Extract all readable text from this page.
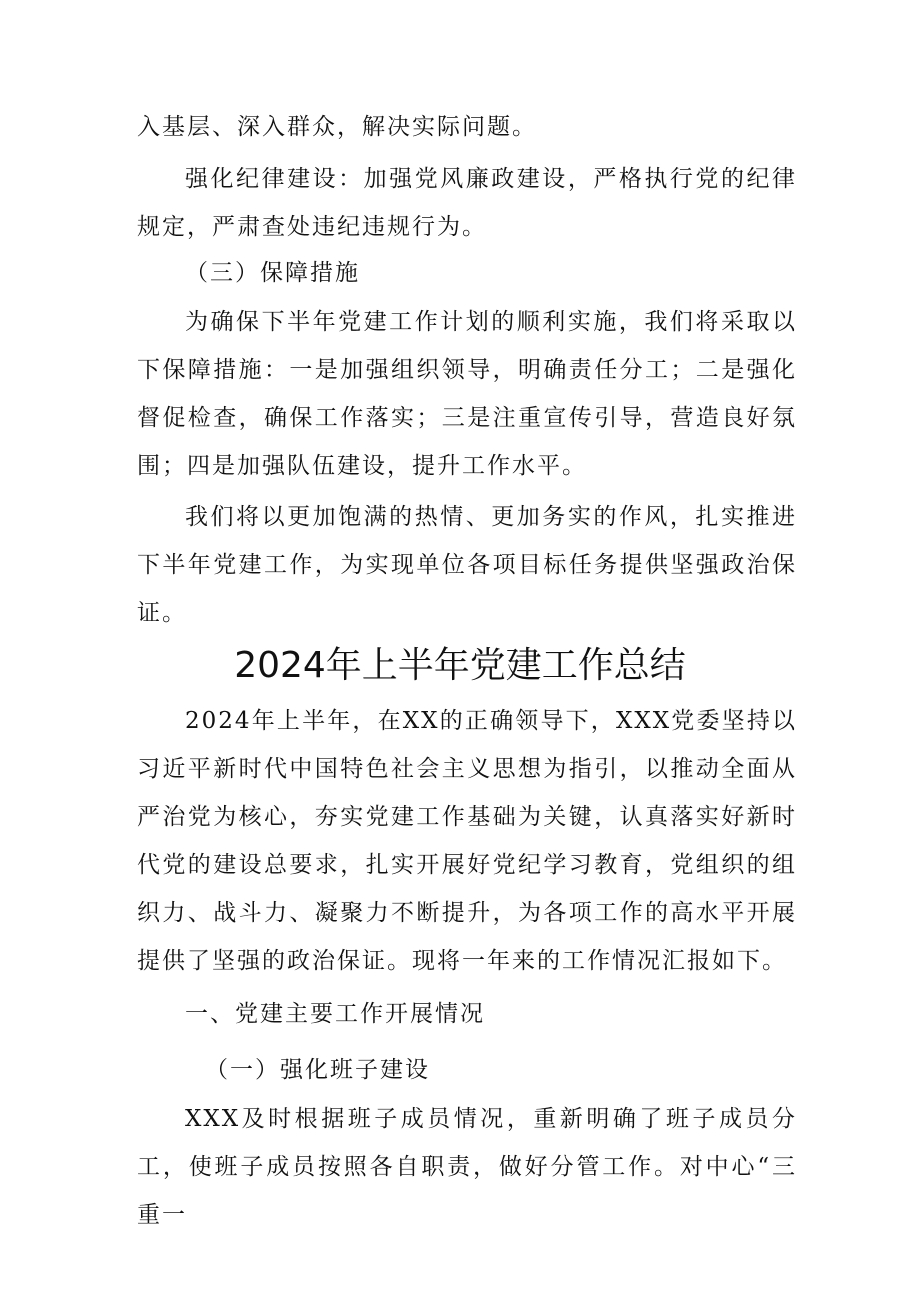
入基层、深入群众，解决实际问题。

强化纪律建设：加强党风廉政建设，严格执行党的纪律规定，严肃查处违纪违规行为。

（三）保障措施

为确保下半年党建工作计划的顺利实施，我们将采取以下保障措施：一是加强组织领导，明确责任分工；二是强化督促检查，确保工作落实；三是注重宣传引导，营造良好氛围；四是加强队伍建设，提升工作水平。

我们将以更加饱满的热情、更加务实的作风，扎实推进下半年党建工作，为实现单位各项目标任务提供坚强政治保证。

2024年上半年党建工作总结

2024年上半年，在XX的正确领导下，XXX党委坚持以习近平新时代中国特色社会主义思想为指引，以推动全面从严治党为核心，夯实党建工作基础为关键，认真落实好新时代党的建设总要求，扎实开展好党纪学习教育，党组织的组织力、战斗力、凝聚力不断提升，为各项工作的高水平开展提供了坚强的政治保证。现将一年来的工作情况汇报如下。

一、党建主要工作开展情况

（一）强化班子建设

XXX及时根据班子成员情况，重新明确了班子成员分工，使班子成员按照各自职责，做好分管工作。对中心“三重一
